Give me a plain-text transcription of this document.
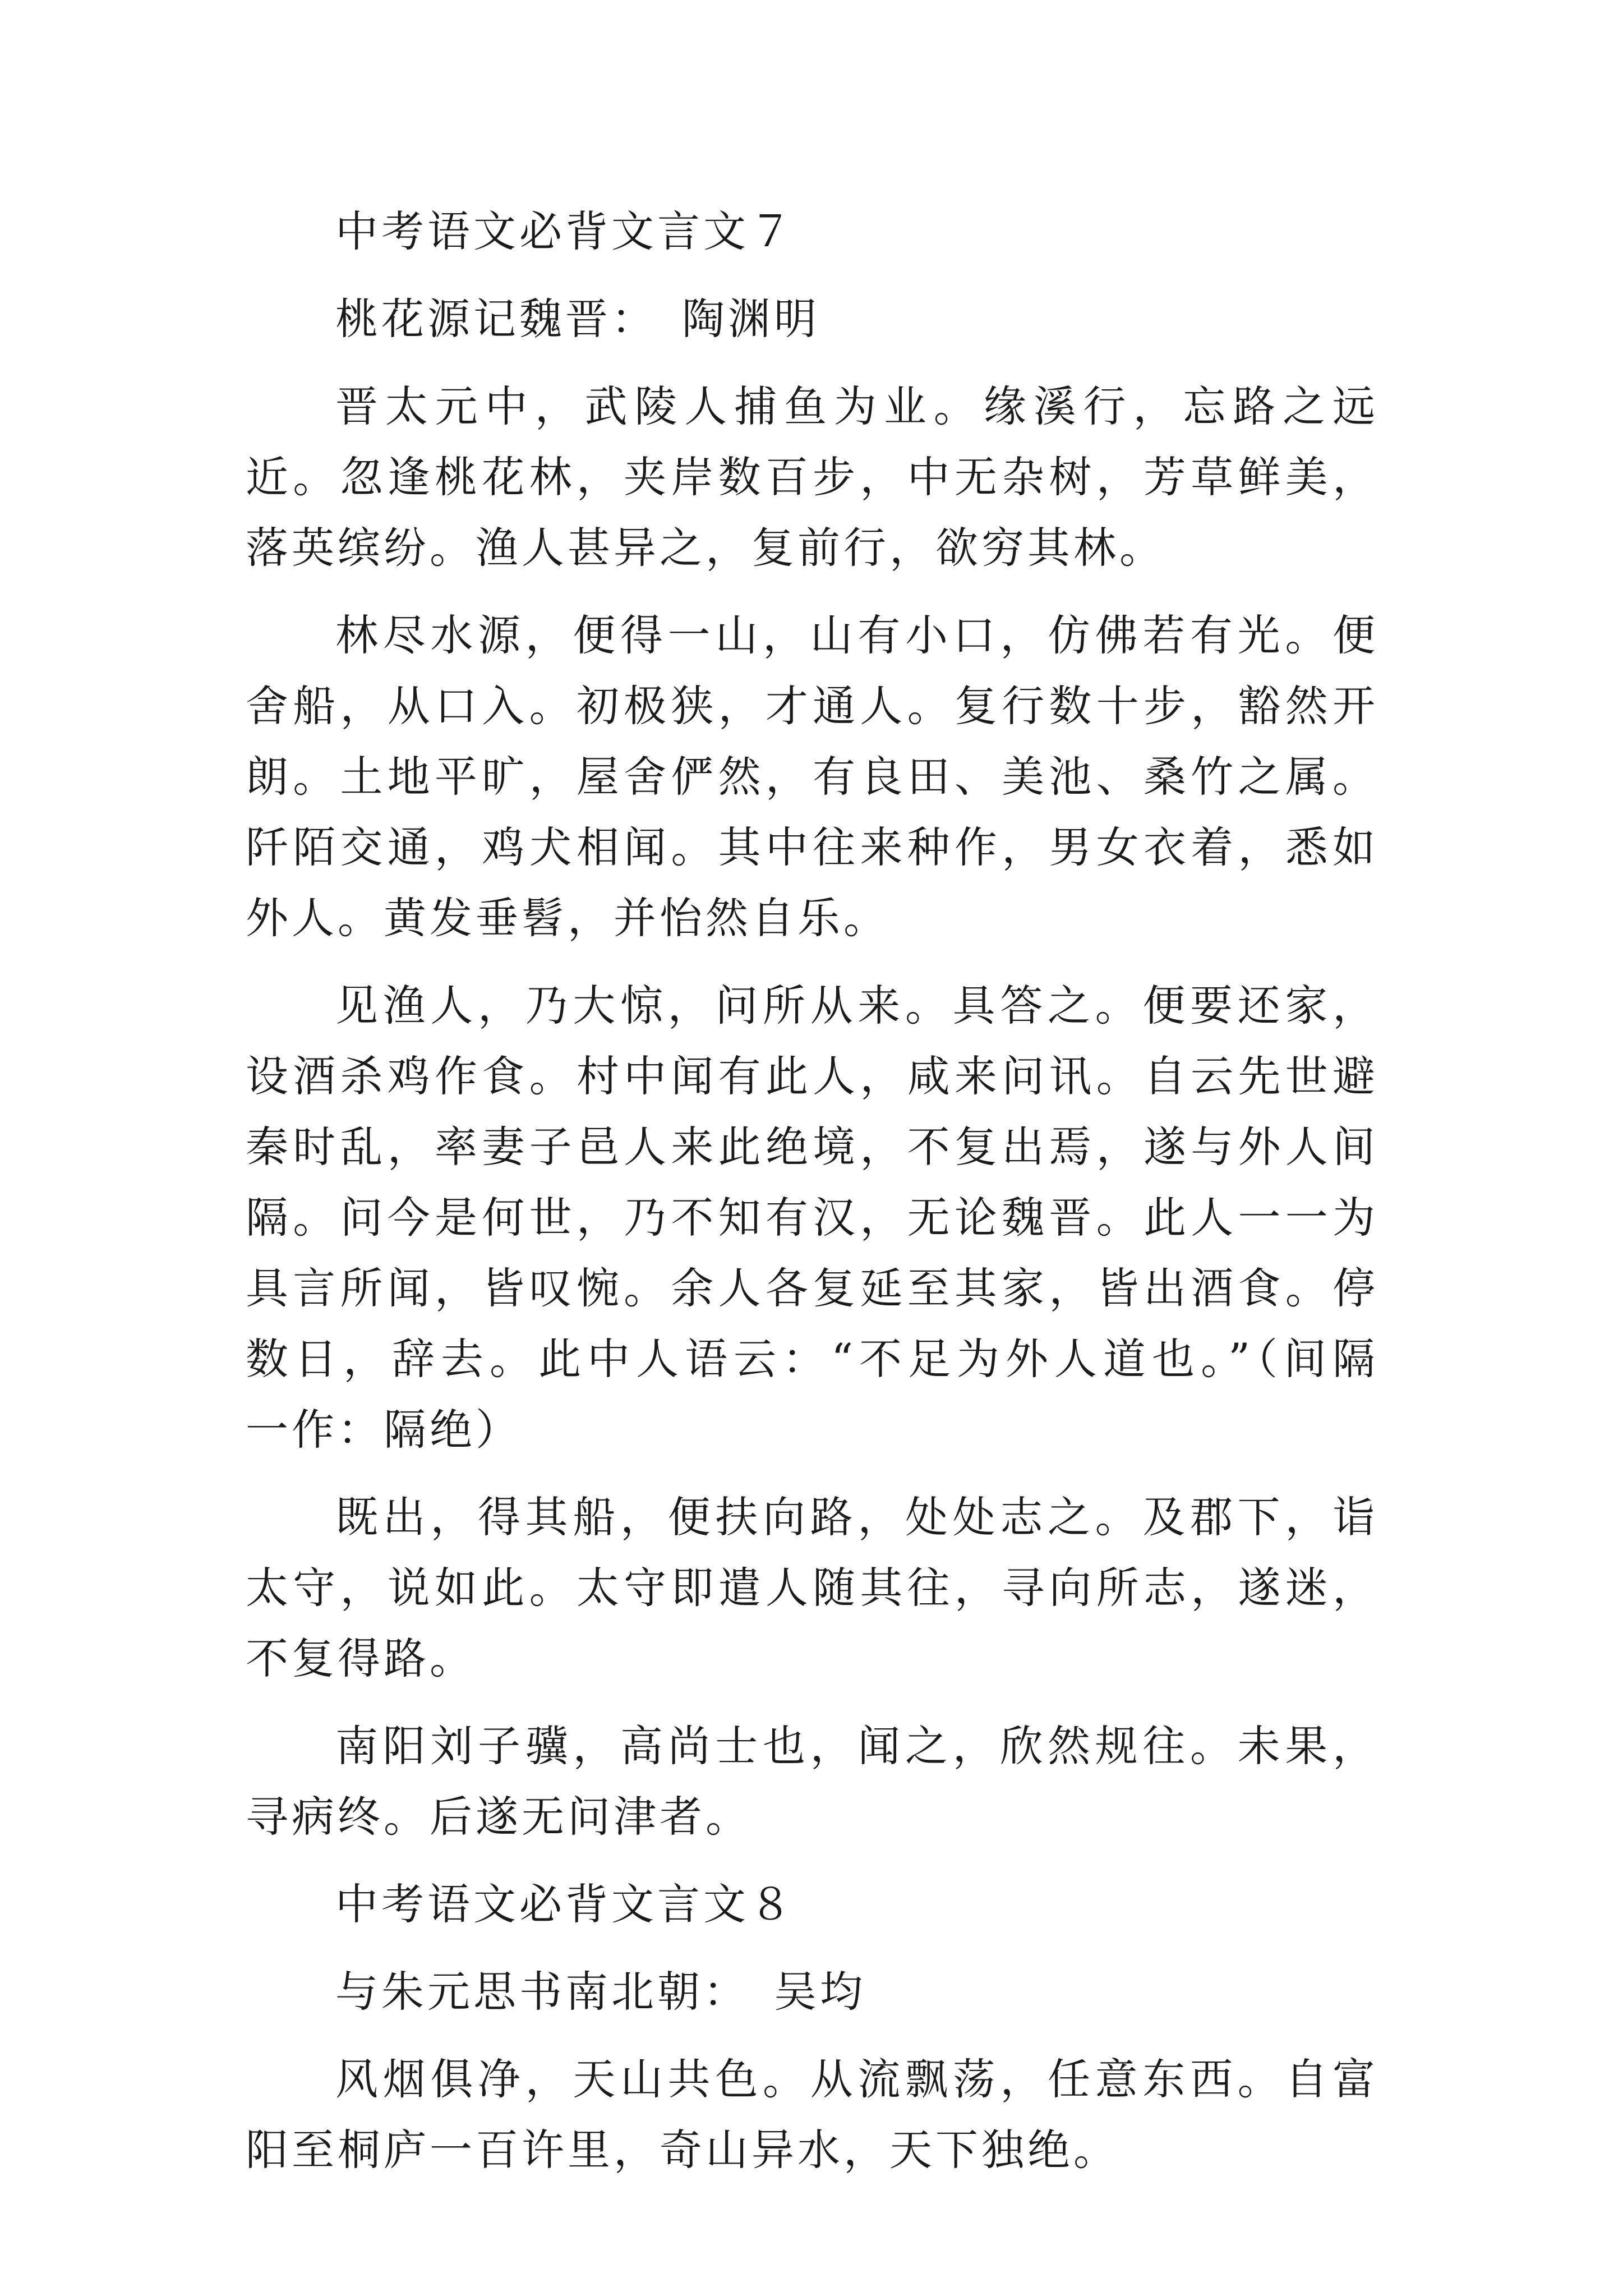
中考语文必背文言文７

桃花源记魏晋：　陶渊明

晋太元中，武陵人捕鱼为业。缘溪行，忘路之远近。忽逢桃花林，夹岸数百步，中无杂树，芳草鲜美，落英缤纷。渔人甚异之，复前行，欲穷其林。

林尽水源，便得一山，山有小口，仿佛若有光。便舍船，从口入。初极狭，才通人。复行数十步，豁然开朗。土地平旷，屋舍俨然，有良田、美池、桑竹之属。阡陌交通，鸡犬相闻。其中往来种作，男女衣着，悉如外人。黄发垂髫，并怡然自乐。

见渔人，乃大惊，问所从来。具答之。便要还家，设酒杀鸡作食。村中闻有此人，咸来问讯。自云先世避秦时乱，率妻子邑人来此绝境，不复出焉，遂与外人间隔。问今是何世，乃不知有汉，无论魏晋。此人一一为具言所闻，皆叹惋。余人各复延至其家，皆出酒食。停数日，辞去。此中人语云：“不足为外人道也。”（间隔　一作：隔绝）

既出，得其船，便扶向路，处处志之。及郡下，诣太守，说如此。太守即遣人随其往，寻向所志，遂迷，不复得路。

南阳刘子骥，高尚士也，闻之，欣然规往。未果，寻病终。后遂无问津者。

中考语文必背文言文８

与朱元思书南北朝：　吴均

风烟俱净，天山共色。从流飘荡，任意东西。自富阳至桐庐一百许里，奇山异水，天下独绝。
